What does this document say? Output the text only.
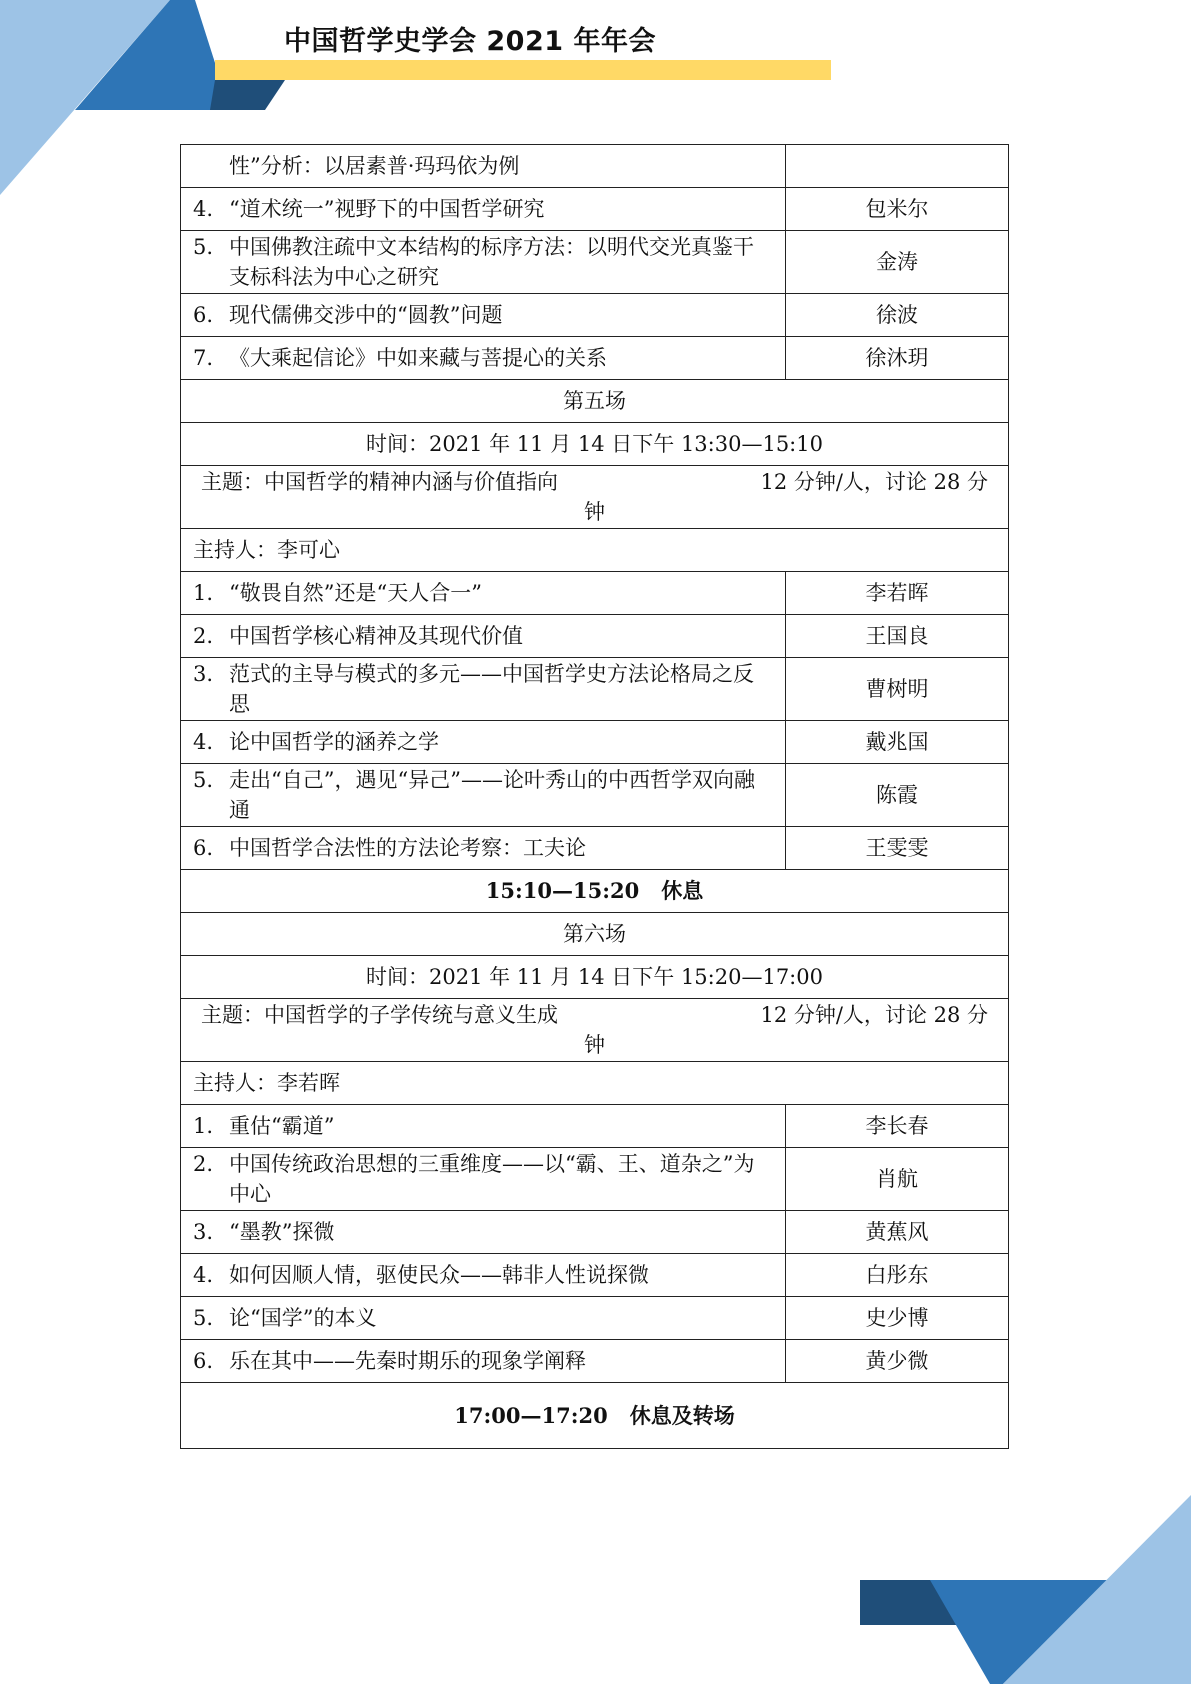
中国哲学史学会 2021 年年会
性”分析：以居素普·玛玛依为例	

4. “道术统一”视野下的中国哲学研究	包米尔

5. 中国佛教注疏中文本结构的标序方法：以明代交光真鉴干支标科法为中心之研究	金涛

6. 现代儒佛交涉中的“圆教”问题	徐波

7. 《大乘起信论》中如来藏与菩提心的关系	徐沐玥
第五场	
时间：2021 年 11 月 14 日下午 13:30—15:10	

主题：中国哲学的精神内涵与价值指向 12 分钟/人，讨论 28 分
钟	

主持人：李可心	

1. “敬畏自然”还是“天人合一”	李若晖

2. 中国哲学核心精神及其现代价值	王国良

3. 范式的主导与模式的多元——中国哲学史方法论格局之反思	曹树明

4. 论中国哲学的涵养之学	戴兆国

5. 走出“自己”，遇见“异己”——论叶秀山的中西哲学双向融通	陈霞

6. 中国哲学合法性的方法论考察：工夫论	王雯雯
15:10—15:20 休息	
第六场	
时间：2021 年 11 月 14 日下午 15:20—17:00	

主题：中国哲学的子学传统与意义生成 12 分钟/人，讨论 28 分
钟	

主持人：李若晖	

1. 重估“霸道”	李长春

2. 中国传统政治思想的三重维度——以“霸、王、道杂之”为中心	肖航

3. “墨教”探微	黄蕉风

4. 如何因顺人情，驱使民众——韩非人性说探微	白彤东

5. 论“国学”的本义	史少博

6. 乐在其中——先秦时期乐的现象学阐释	黄少微
17:00—17:20 休息及转场	
